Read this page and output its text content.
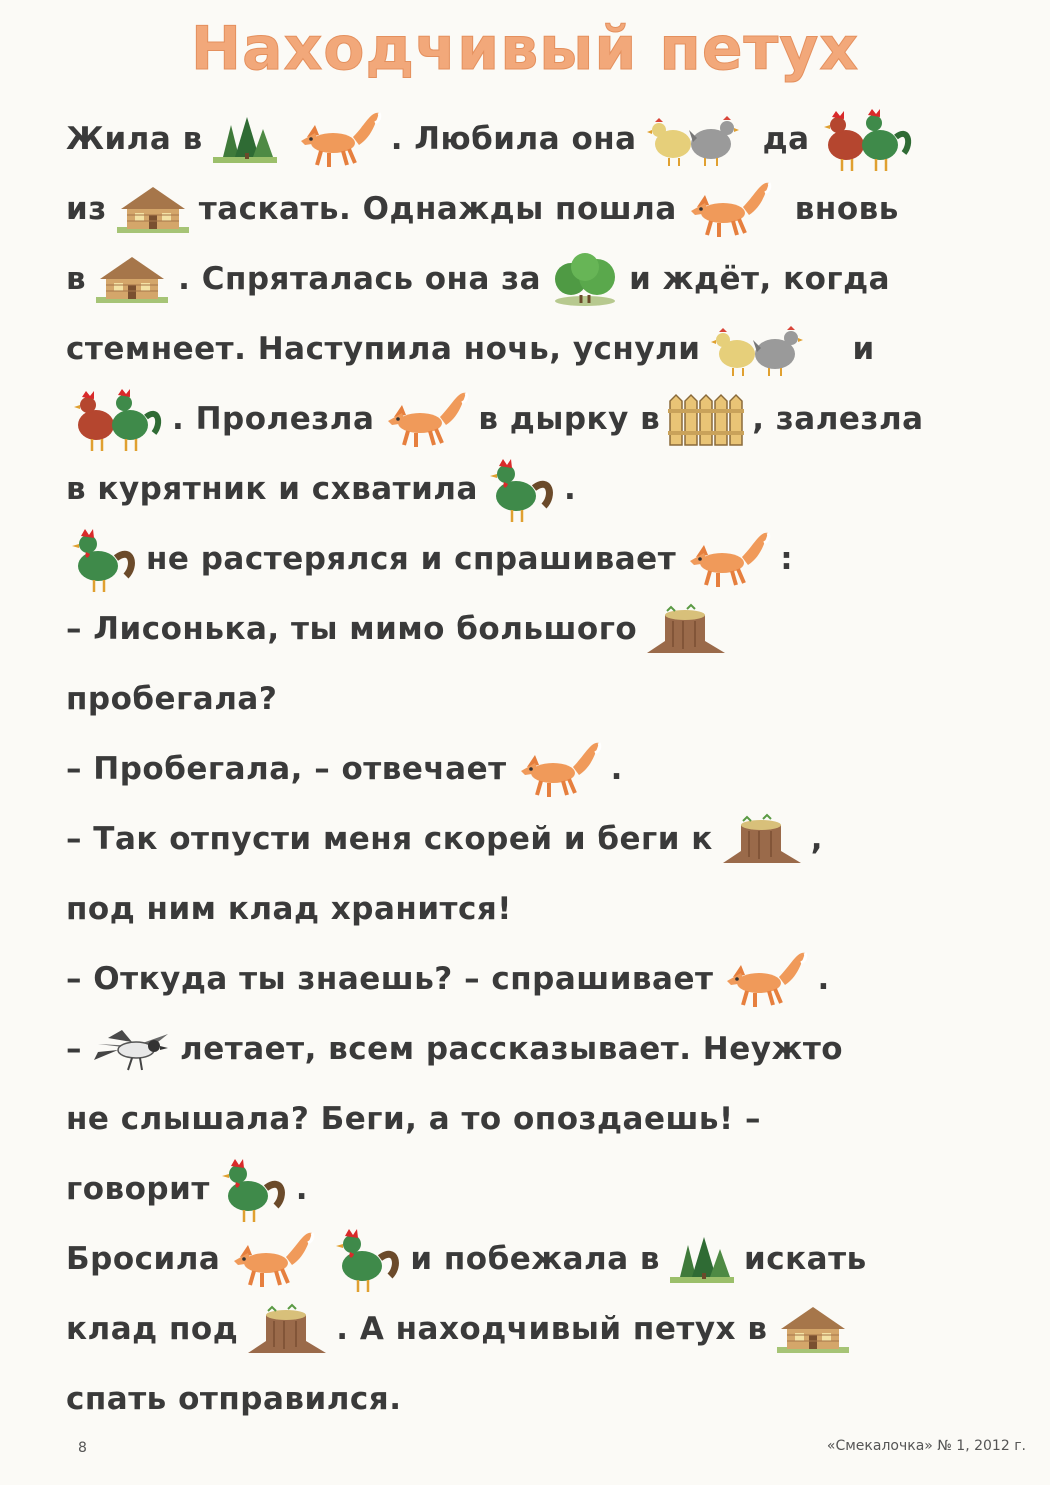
Находчивый петух
Жила в	. Любила она	да
из	таскать. Однажды пошла	вновь
в	. Спряталась она за	и ждёт, когда
стемнеет. Наступила ночь, уснули	и
. Пролезла	в дырку в	, залезла
в курятник и схватила	.
не растерялся и спрашивает	:
– Лисонька, ты мимо большого
пробегала?
– Пробегала, – отвечает	.
– Так отпусти меня скорей и беги к	,
под ним клад хранится!
– Откуда ты знаешь? – спрашивает	.
–	летает, всем рассказывает. Неужто
не слышала? Беги, а то опоздаешь! –
говорит	.
Бросила	и побежала в	искать
клад под	. А находчивый петух в
спать отправился.
8	«Смекалочка» № 1, 2012 г.
